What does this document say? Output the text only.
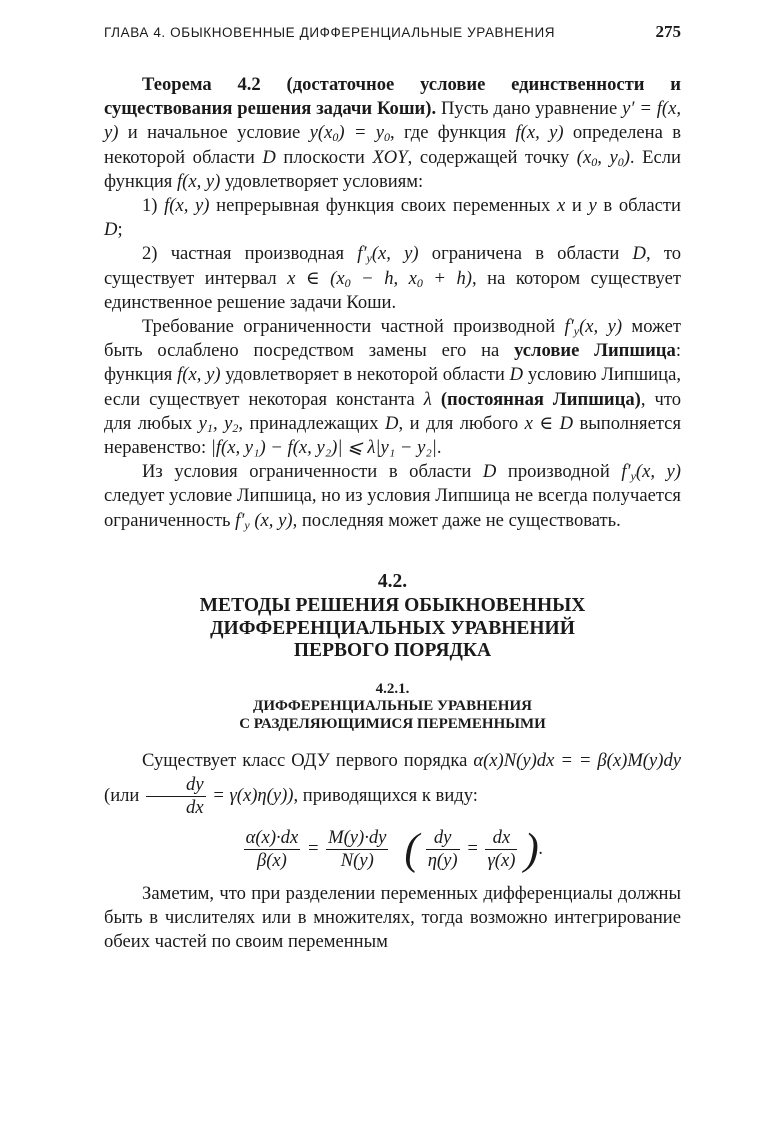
ГЛАВА 4. ОБЫКНОВЕННЫЕ ДИФФЕРЕНЦИАЛЬНЫЕ УРАВНЕНИЯ	275

Теорема 4.2 (достаточное условие единственности и существования решения задачи Коши). Пусть дано уравнение y′ = f(x, y) и начальное условие $y(x_0) = y_0$, где функция f(x, y) определена в некоторой области D плоскости XOY, содержащей точку ($x_0$, $y_0$). Если функция f(x, y) удовлетворяет условиям:

1) f(x, y) непрерывная функция своих переменных x и y в области D;

2) частная производная $f'_y(x$, y) ограничена в области D, то существует интервал x ∈ ($x_0 - h$, $x_0 + h$), на котором существует единственное решение задачи Коши.

Требование ограниченности частной производной $f'_y(x$, y) может быть ослаблено посредством замены его на условие Липшица: функция f(x, y) удовлетворяет в некоторой области D условию Липшица, если существует некоторая константа λ (постоянная Липшица), что для любых $y_1$, $y_2$, принадлежащих D, и для любого x ∈ D выполняется неравенство: |f(x, y₁) − f(x, y₂)| ⩽ λ|y₁ − y₂|.

Из условия ограниченности в области D производной $f'_y(x$, y) следует условие Липшица, но из условия Липшица не всегда получается ограниченность $f'_y$ (x, y), последняя может даже не существовать.

4.2.
МЕТОДЫ РЕШЕНИЯ ОБЫКНОВЕННЫХ
ДИФФЕРЕНЦИАЛЬНЫХ УРАВНЕНИЙ
ПЕРВОГО ПОРЯДКА
4.2.1.
ДИФФЕРЕНЦИАЛЬНЫЕ УРАВНЕНИЯ
С РАЗДЕЛЯЮЩИМИСЯ ПЕРЕМЕННЫМИ

Существует класс ОДУ первого порядка α(x)N(y)dx = = β(x)M(y)dy $(или \frac{dy}{dx} = \gamma(x)\eta(y))$, приводящихся к виду:

$\frac{\alpha(x)\cdot dx}{\beta(x)} = \frac{M(y)\cdot dy}{N(y)}$ ( $\frac{dy}{\eta(y)} = \frac{dx}{\gamma(x)}$ ).

Заметим, что при разделении переменных дифференциалы должны быть в числителях или в множителях, тогда возможно интегрирование обеих частей по своим переменным
